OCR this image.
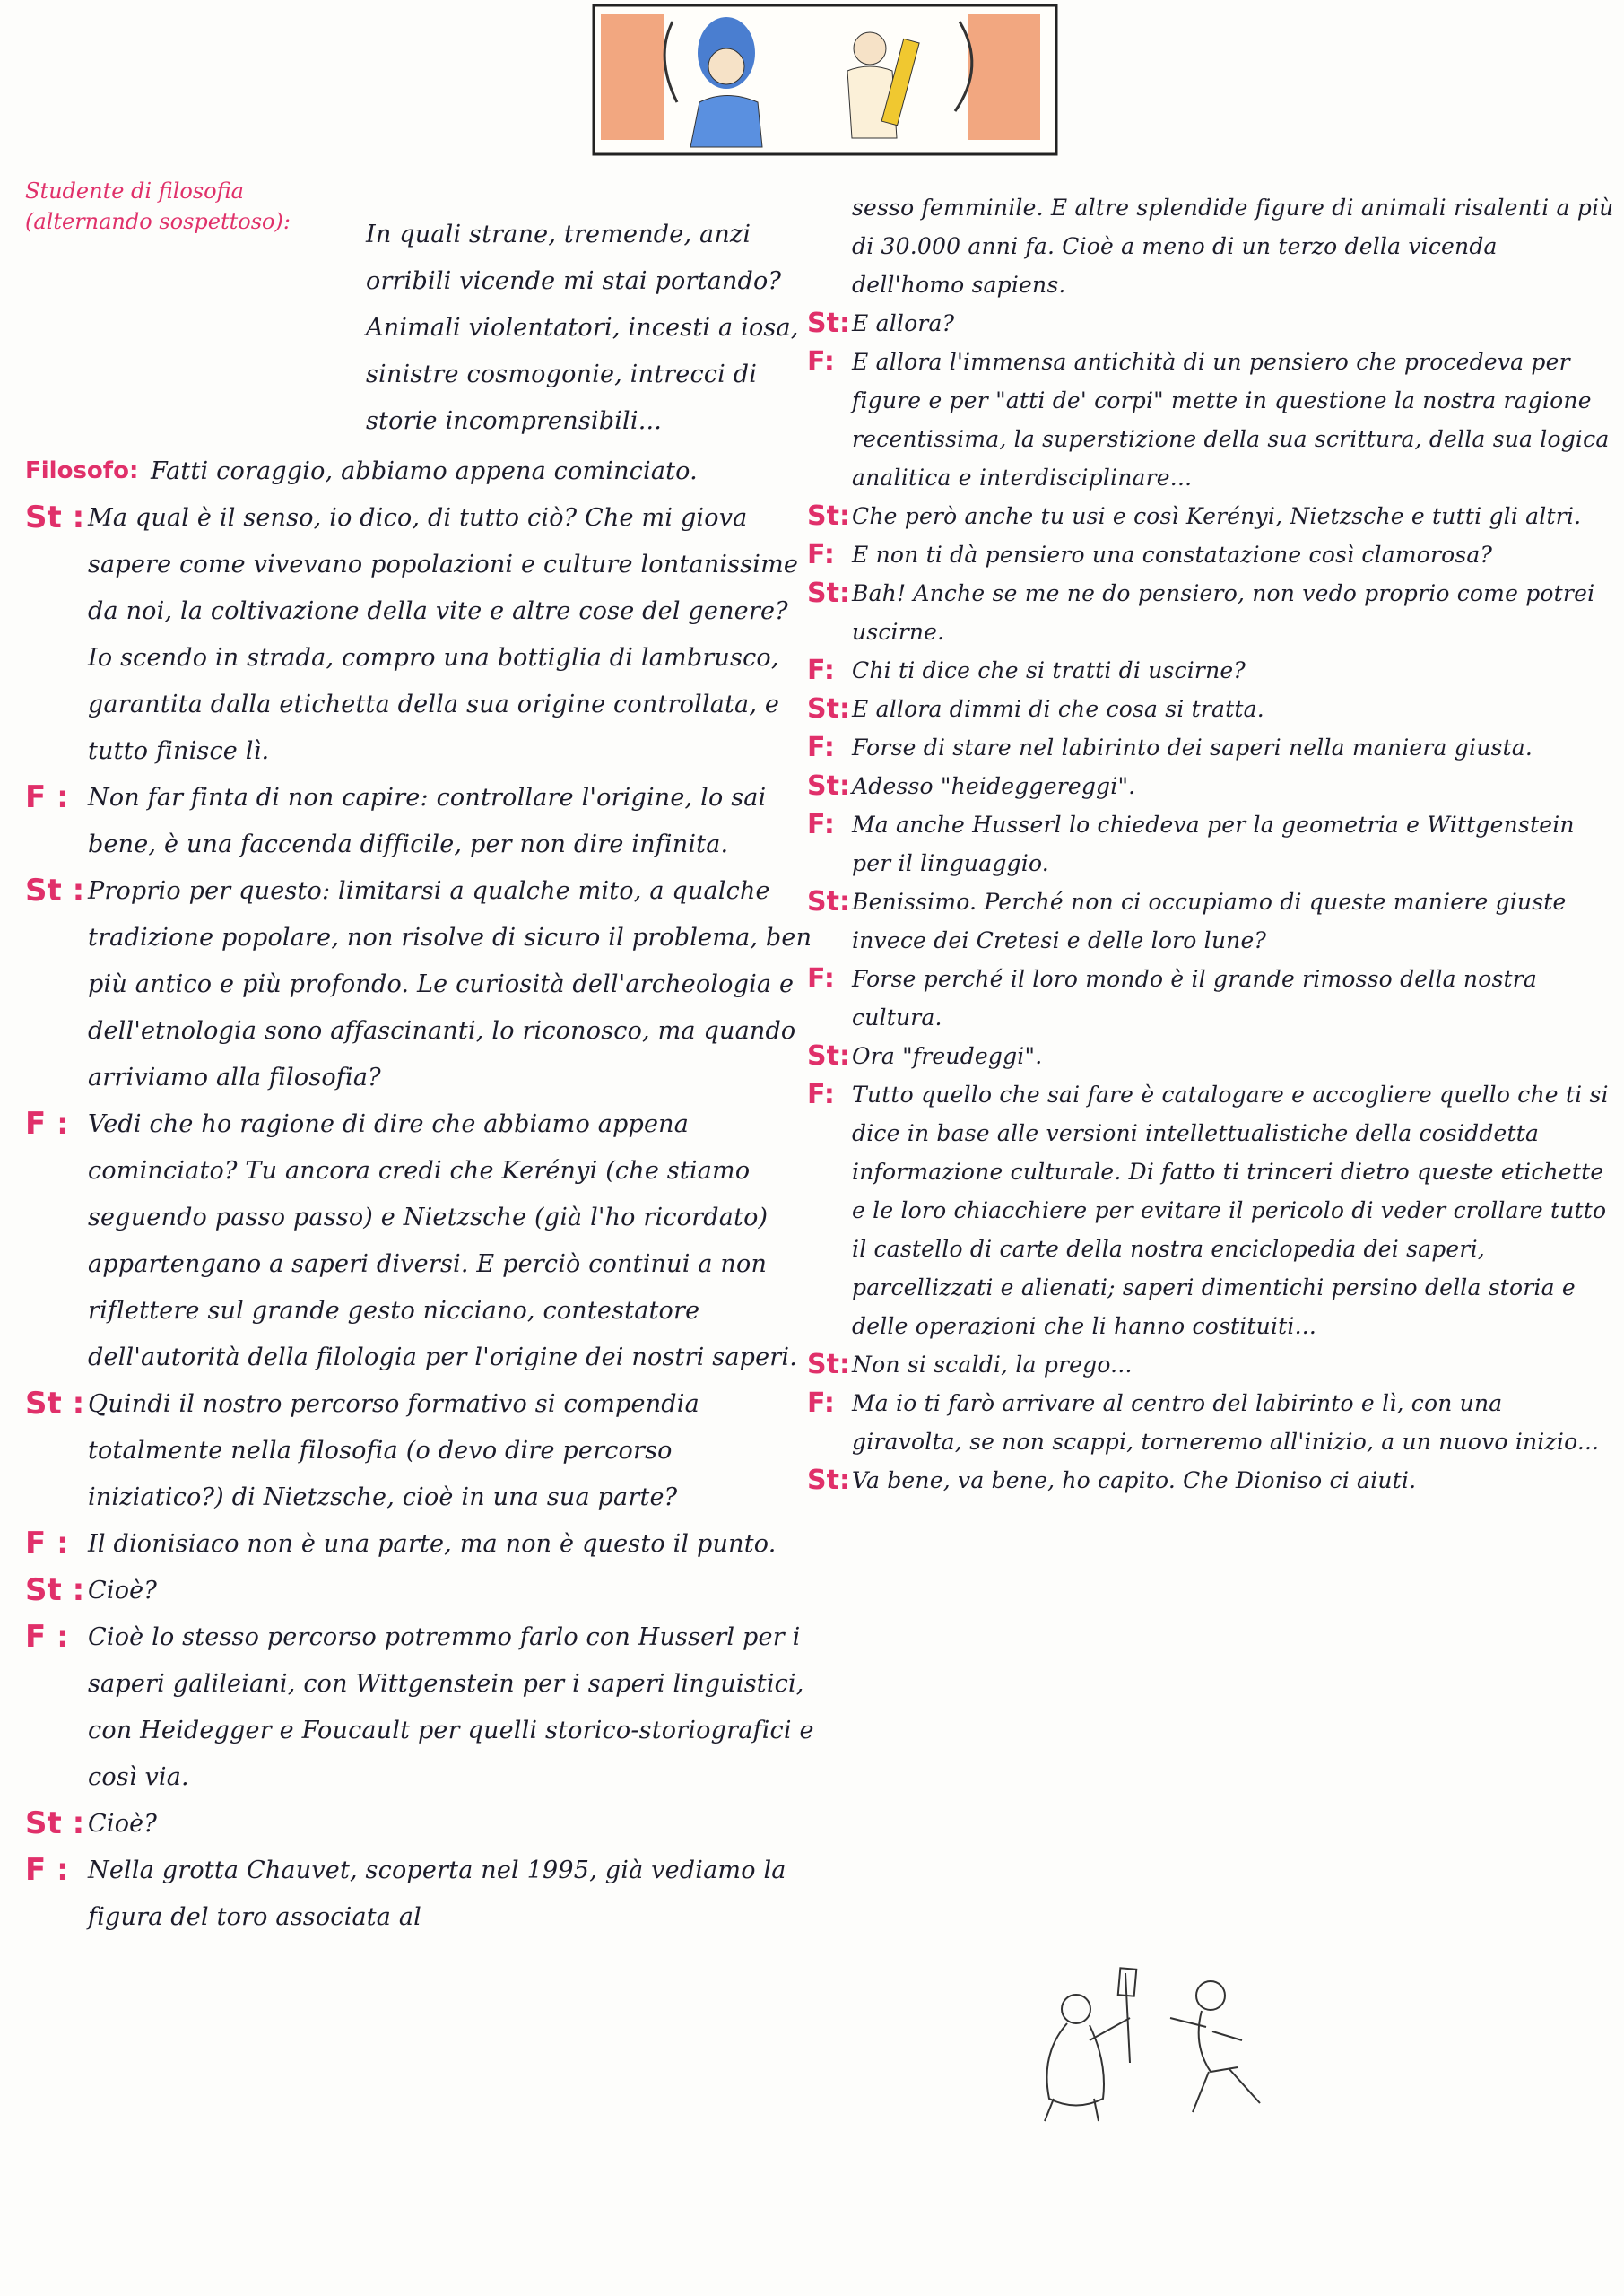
Studente di filosofia
(alternando sospettoso):	In quali strane, tremende, anzi orribili vicende mi stai portando? Animali violentatori, incesti a iosa, sinistre cosmogonie, intrecci di storie incomprensibili...
Filosofo: Fatti coraggio, abbiamo appena cominciato.
St : Ma qual è il senso, io dico, di tutto ciò? Che mi giova sapere come vivevano popolazioni e culture lontanissime da noi, la coltivazione della vite e altre cose del genere? Io scendo in strada, compro una bottiglia di lambrusco, garantita dalla etichetta della sua origine controllata, e tutto finisce lì.
F : Non far finta di non capire: controllare l'origine, lo sai bene, è una faccenda difficile, per non dire infinita.
St : Proprio per questo: limitarsi a qualche mito, a qualche tradizione popolare, non risolve di sicuro il problema, ben più antico e più profondo. Le curiosità dell'archeologia e dell'etnologia sono affascinanti, lo riconosco, ma quando arriviamo alla filosofia?
F : Vedi che ho ragione di dire che abbiamo appena cominciato? Tu ancora credi che Kerényi (che stiamo seguendo passo passo) e Nietzsche (già l'ho ricordato) appartengano a saperi diversi. E perciò continui a non riflettere sul grande gesto nicciano, contestatore dell'autorità della filologia per l'origine dei nostri saperi.
St : Quindi il nostro percorso formativo si compendia totalmente nella filosofia (o devo dire percorso iniziatico?) di Nietzsche, cioè in una sua parte?
F : Il dionisiaco non è una parte, ma non è questo il punto.
St : Cioè?
F : Cioè lo stesso percorso potremmo farlo con Husserl per i saperi galileiani, con Wittgenstein per i saperi linguistici, con Heidegger e Foucault per quelli storico-storiografici e così via.
St : Cioè?
F : Nella grotta Chauvet, scoperta nel 1995, già vediamo la figura del toro associata al
sesso femminile. E altre splendide figure di animali risalenti a più di 30.000 anni fa. Cioè a meno di un terzo della vicenda dell'homo sapiens.
St: E allora?
F: E allora l'immensa antichità di un pensiero che procedeva per figure e per "atti de' corpi" mette in questione la nostra ragione recentissima, la superstizione della sua scrittura, della sua logica analitica e interdisciplinare...
St: Che però anche tu usi e così Kerényi, Nietzsche e tutti gli altri.
F: E non ti dà pensiero una constatazione così clamorosa?
St: Bah! Anche se me ne do pensiero, non vedo proprio come potrei uscirne.
F: Chi ti dice che si tratti di uscirne?
St: E allora dimmi di che cosa si tratta.
F: Forse di stare nel labirinto dei saperi nella maniera giusta.
St: Adesso "heideggereggi".
F: Ma anche Husserl lo chiedeva per la geometria e Wittgenstein per il linguaggio.
St: Benissimo. Perché non ci occupiamo di queste maniere giuste invece dei Cretesi e delle loro lune?
F: Forse perché il loro mondo è il grande rimosso della nostra cultura.
St: Ora "freudeggi".
F: Tutto quello che sai fare è catalogare e accogliere quello che ti si dice in base alle versioni intellettualistiche della cosiddetta informazione culturale. Di fatto ti trinceri dietro queste etichette e le loro chiacchiere per evitare il pericolo di veder crollare tutto il castello di carte della nostra enciclopedia dei saperi, parcellizzati e alienati; saperi dimentichi persino della storia e delle operazioni che li hanno costituiti...
St: Non si scaldi, la prego...
F: Ma io ti farò arrivare al centro del labirinto e lì, con una giravolta, se non scappi, torneremo all'inizio, a un nuovo inizio...
St: Va bene, va bene, ho capito. Che Dioniso ci aiuti.
